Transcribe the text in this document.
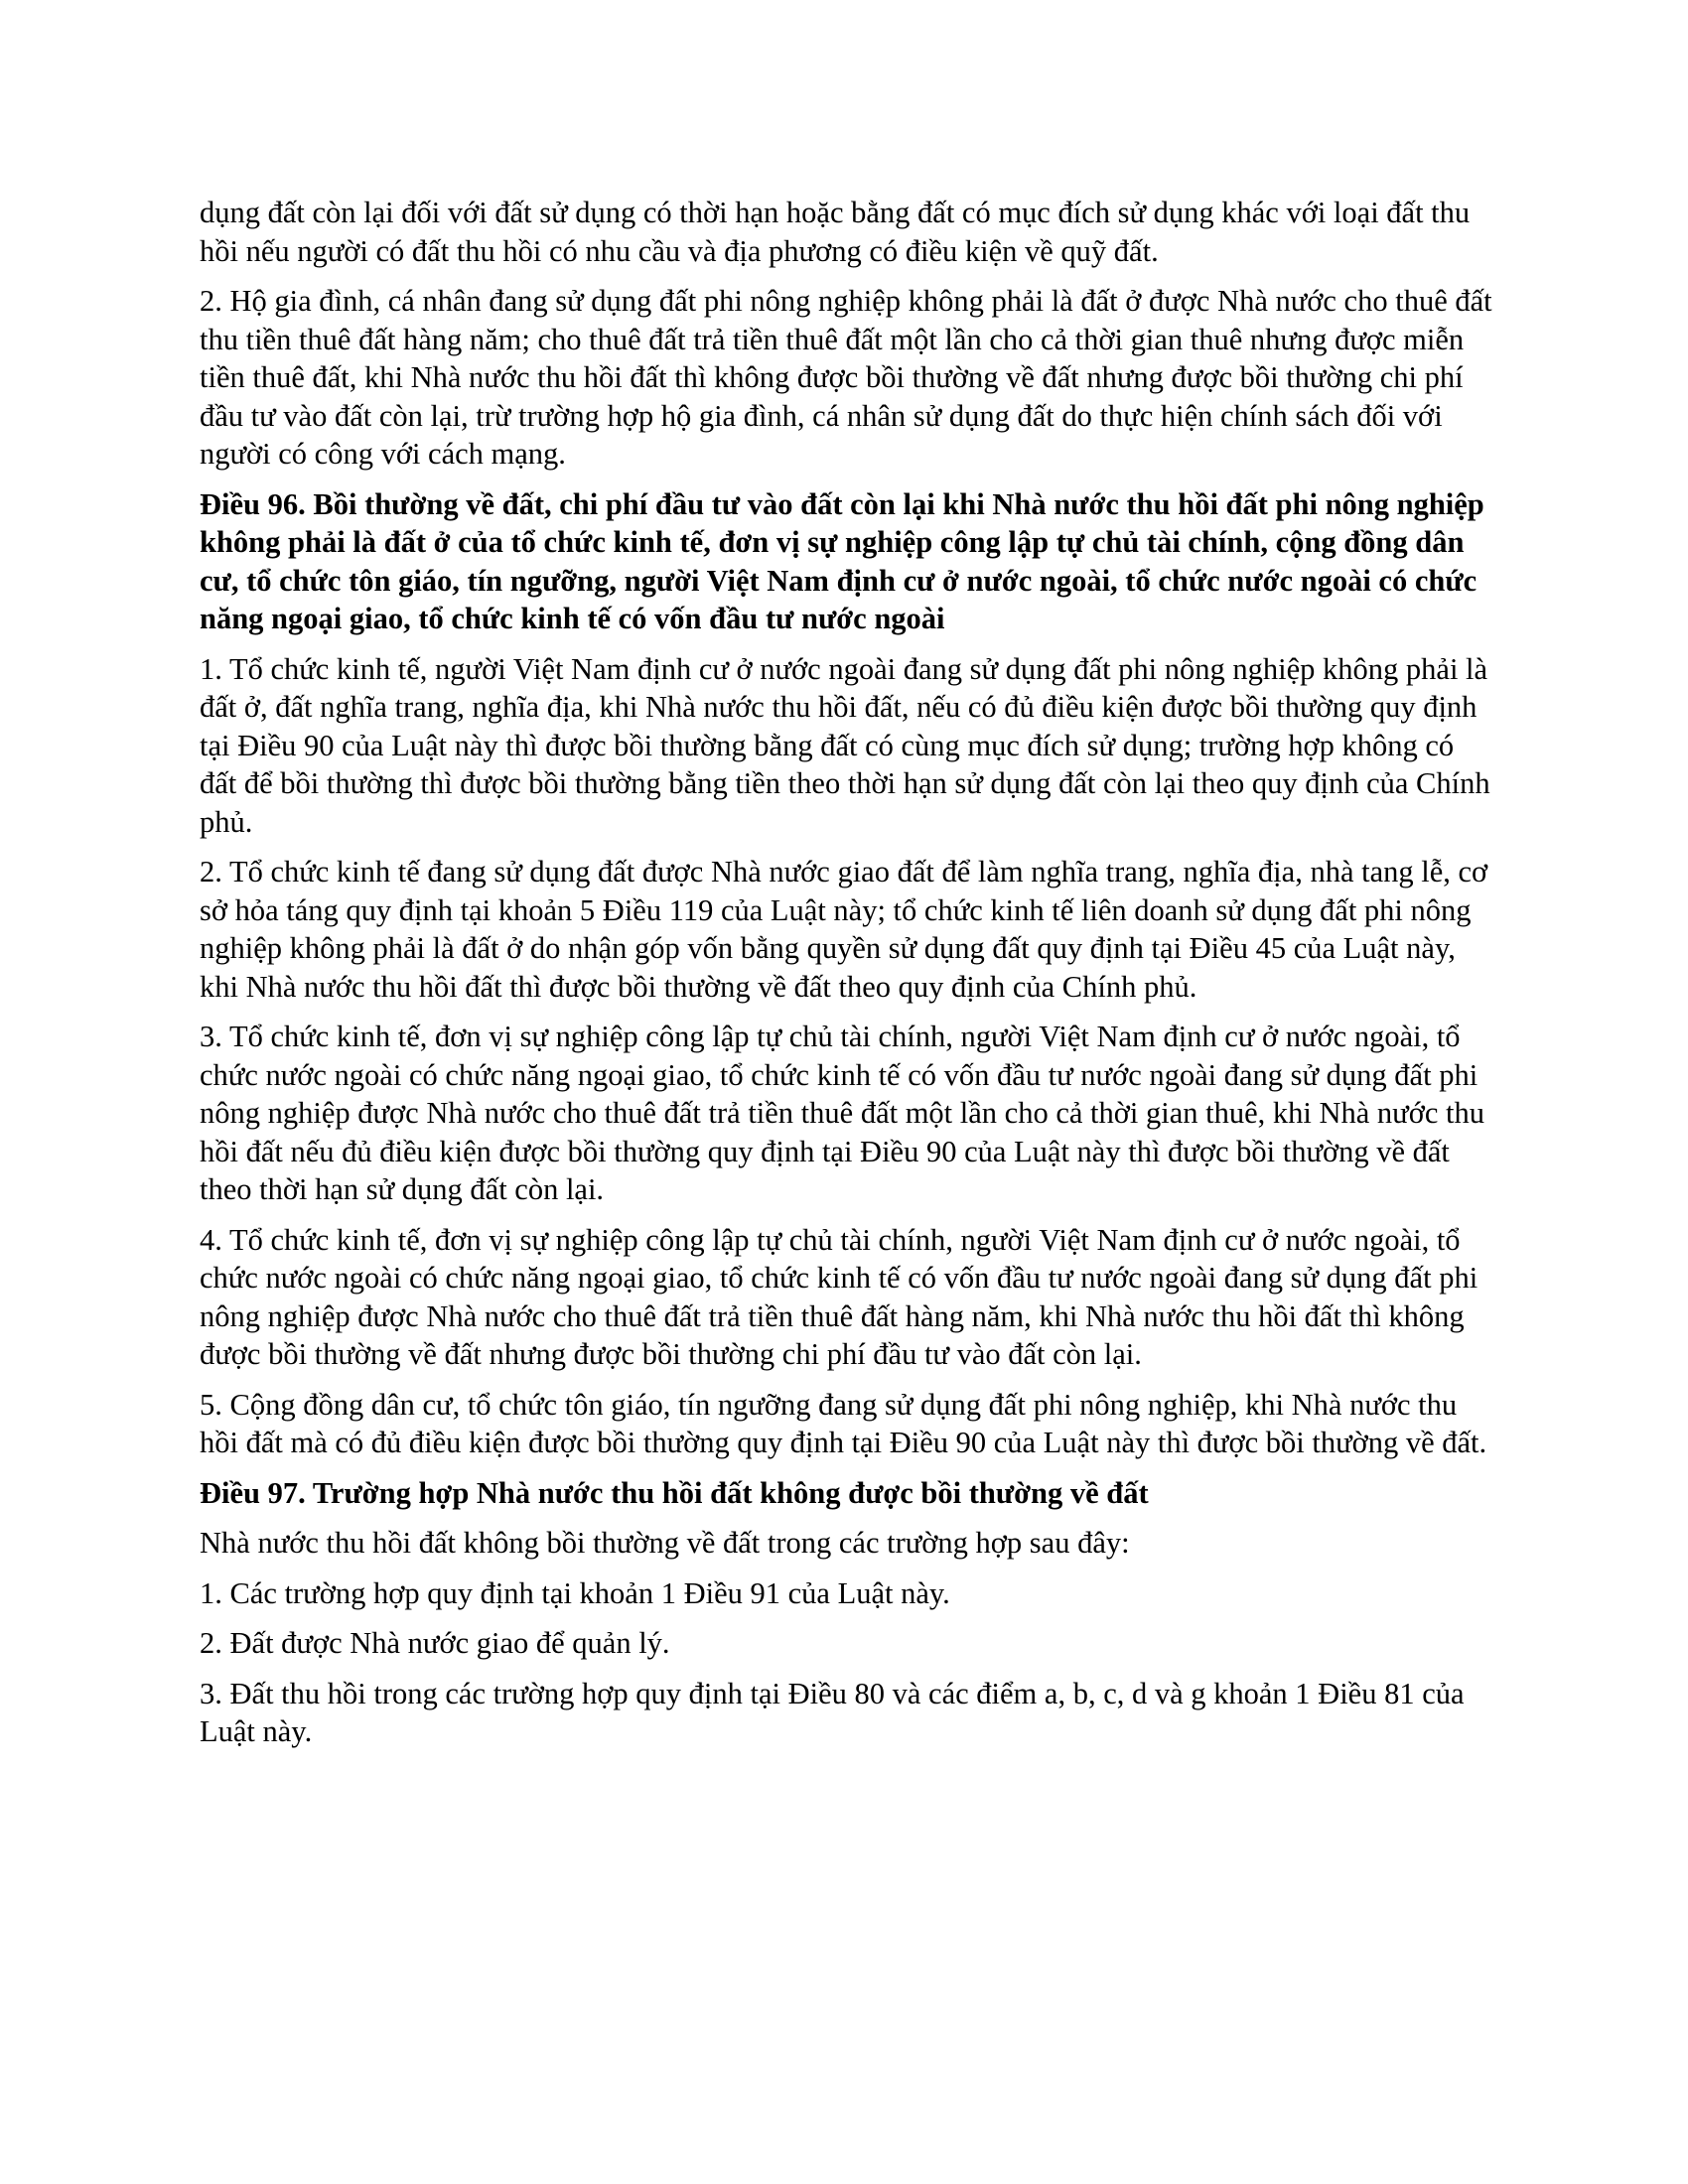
dụng đất còn lại đối với đất sử dụng có thời hạn hoặc bằng đất có mục đích sử dụng khác với loại đất thu hồi nếu người có đất thu hồi có nhu cầu và địa phương có điều kiện về quỹ đất.

2. Hộ gia đình, cá nhân đang sử dụng đất phi nông nghiệp không phải là đất ở được Nhà nước cho thuê đất thu tiền thuê đất hàng năm; cho thuê đất trả tiền thuê đất một lần cho cả thời gian thuê nhưng được miễn tiền thuê đất, khi Nhà nước thu hồi đất thì không được bồi thường về đất nhưng được bồi thường chi phí đầu tư vào đất còn lại, trừ trường hợp hộ gia đình, cá nhân sử dụng đất do thực hiện chính sách đối với người có công với cách mạng.

Điều 96. Bồi thường về đất, chi phí đầu tư vào đất còn lại khi Nhà nước thu hồi đất phi nông nghiệp không phải là đất ở của tổ chức kinh tế, đơn vị sự nghiệp công lập tự chủ tài chính, cộng đồng dân cư, tổ chức tôn giáo, tín ngưỡng, người Việt Nam định cư ở nước ngoài, tổ chức nước ngoài có chức năng ngoại giao, tổ chức kinh tế có vốn đầu tư nước ngoài

1. Tổ chức kinh tế, người Việt Nam định cư ở nước ngoài đang sử dụng đất phi nông nghiệp không phải là đất ở, đất nghĩa trang, nghĩa địa, khi Nhà nước thu hồi đất, nếu có đủ điều kiện được bồi thường quy định tại Điều 90 của Luật này thì được bồi thường bằng đất có cùng mục đích sử dụng; trường hợp không có đất để bồi thường thì được bồi thường bằng tiền theo thời hạn sử dụng đất còn lại theo quy định của Chính phủ.

2. Tổ chức kinh tế đang sử dụng đất được Nhà nước giao đất để làm nghĩa trang, nghĩa địa, nhà tang lễ, cơ sở hỏa táng quy định tại khoản 5 Điều 119 của Luật này; tổ chức kinh tế liên doanh sử dụng đất phi nông nghiệp không phải là đất ở do nhận góp vốn bằng quyền sử dụng đất quy định tại Điều 45 của Luật này, khi Nhà nước thu hồi đất thì được bồi thường về đất theo quy định của Chính phủ.

3. Tổ chức kinh tế, đơn vị sự nghiệp công lập tự chủ tài chính, người Việt Nam định cư ở nước ngoài, tổ chức nước ngoài có chức năng ngoại giao, tổ chức kinh tế có vốn đầu tư nước ngoài đang sử dụng đất phi nông nghiệp được Nhà nước cho thuê đất trả tiền thuê đất một lần cho cả thời gian thuê, khi Nhà nước thu hồi đất nếu đủ điều kiện được bồi thường quy định tại Điều 90 của Luật này thì được bồi thường về đất theo thời hạn sử dụng đất còn lại.

4. Tổ chức kinh tế, đơn vị sự nghiệp công lập tự chủ tài chính, người Việt Nam định cư ở nước ngoài, tổ chức nước ngoài có chức năng ngoại giao, tổ chức kinh tế có vốn đầu tư nước ngoài đang sử dụng đất phi nông nghiệp được Nhà nước cho thuê đất trả tiền thuê đất hàng năm, khi Nhà nước thu hồi đất thì không được bồi thường về đất nhưng được bồi thường chi phí đầu tư vào đất còn lại.

5. Cộng đồng dân cư, tổ chức tôn giáo, tín ngưỡng đang sử dụng đất phi nông nghiệp, khi Nhà nước thu hồi đất mà có đủ điều kiện được bồi thường quy định tại Điều 90 của Luật này thì được bồi thường về đất.

Điều 97. Trường hợp Nhà nước thu hồi đất không được bồi thường về đất

Nhà nước thu hồi đất không bồi thường về đất trong các trường hợp sau đây:

1. Các trường hợp quy định tại khoản 1 Điều 91 của Luật này.

2. Đất được Nhà nước giao để quản lý.

3. Đất thu hồi trong các trường hợp quy định tại Điều 80 và các điểm a, b, c, d và g khoản 1 Điều 81 của Luật này.
